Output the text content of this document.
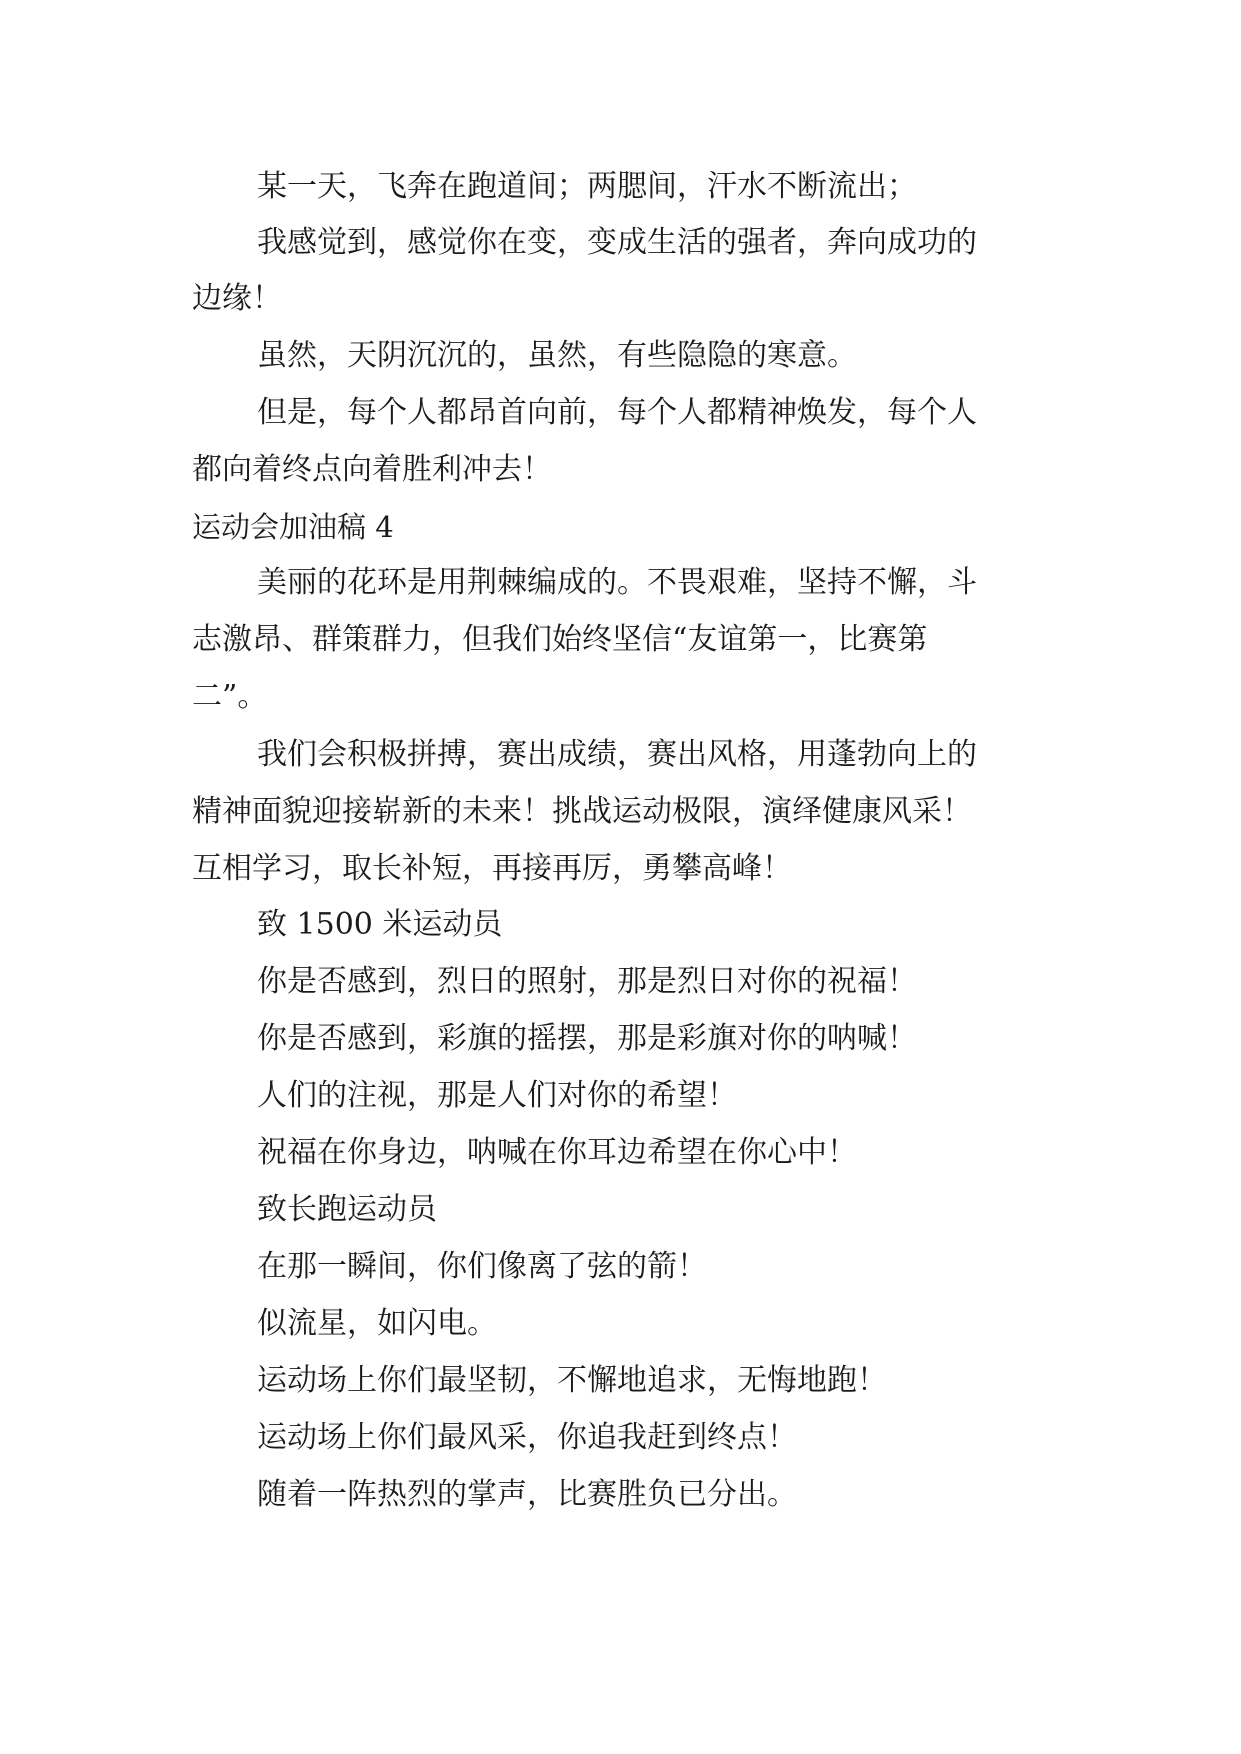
某一天，飞奔在跑道间；两腮间，汗水不断流出；

我感觉到，感觉你在变，变成生活的强者，奔向成功的

边缘！

虽然，天阴沉沉的，虽然，有些隐隐的寒意。

但是，每个人都昂首向前，每个人都精神焕发，每个人

都向着终点向着胜利冲去！

运动会加油稿 4

美丽的花环是用荆棘编成的。不畏艰难，坚持不懈，斗

志激昂、群策群力，但我们始终坚信“友谊第一，比赛第

二”。

我们会积极拼搏，赛出成绩，赛出风格，用蓬勃向上的

精神面貌迎接崭新的未来！挑战运动极限，演绎健康风采！

互相学习，取长补短，再接再厉，勇攀高峰！

致 1500 米运动员

你是否感到，烈日的照射，那是烈日对你的祝福！

你是否感到，彩旗的摇摆，那是彩旗对你的呐喊！

人们的注视，那是人们对你的希望！

祝福在你身边，呐喊在你耳边希望在你心中！

致长跑运动员

在那一瞬间，你们像离了弦的箭！

似流星，如闪电。

运动场上你们最坚韧，不懈地追求，无悔地跑！

运动场上你们最风采，你追我赶到终点！

随着一阵热烈的掌声，比赛胜负已分出。
